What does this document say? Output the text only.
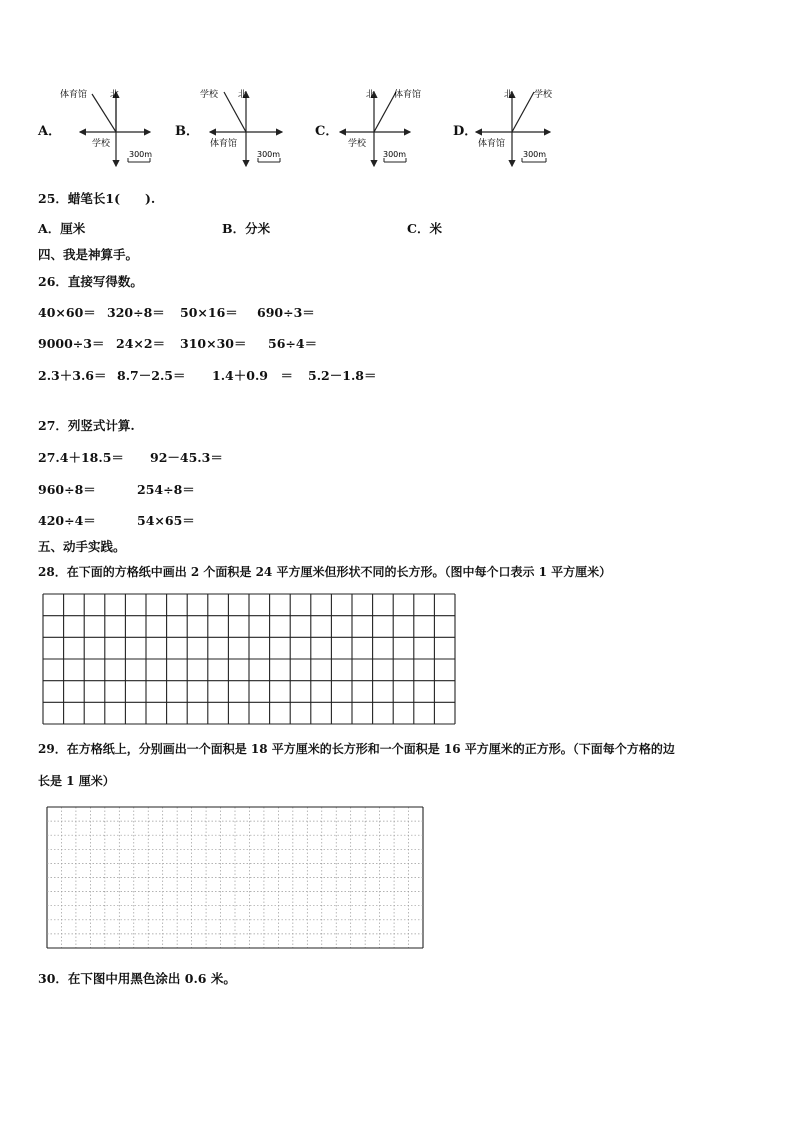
A．
北
体育馆
学校
300m
B．
北
学校
体育馆
300m
C．
北 体育馆
学校
300m
D．
北 学校
体育馆
300m
25．蜡笔长1(　　).
A．厘米	B．分米	C．米
四、我是神算手。
26．直接写得数。
40×60＝ 320÷8＝ 50×16＝ 690÷3＝
9000÷3＝ 24×2＝ 310×30＝ 56÷4＝
2.3＋3.6＝ 8.7－2.5＝ 1.4＋0.9　＝ 5.2－1.8＝
27．列竖式计算.
27.4＋18.5＝ 92－45.3＝
960÷8＝	254÷8＝
420÷4＝	54×65＝
五、动手实践。
28．在下面的方格纸中画出 2 个面积是 24 平方厘米但形状不同的长方形。（图中每个口表示 1 平方厘米）
29．在方格纸上，分别画出一个面积是 18 平方厘米的长方形和一个面积是 16 平方厘米的正方形。（下面每个方格的边
长是 1 厘米）
30．在下图中用黑色涂出 0.6 米。
